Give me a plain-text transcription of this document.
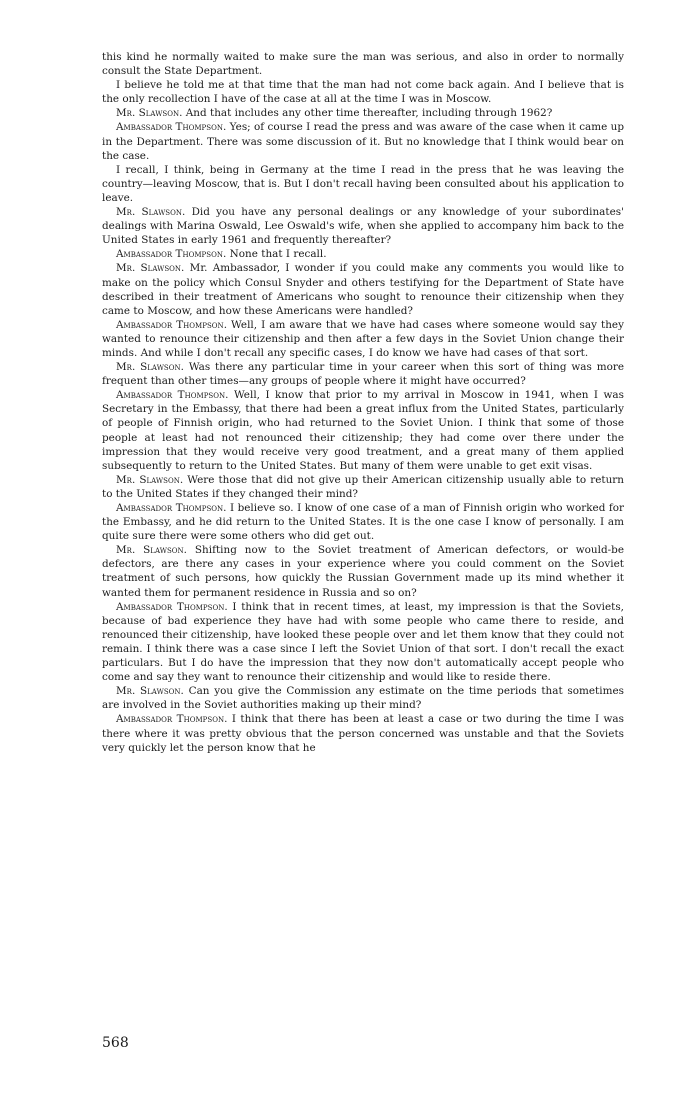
this kind he normally waited to make sure the man was serious, and also in order to normally consult the State Department.

I believe he told me at that time that the man had not come back again. And I believe that is the only recollection I have of the case at all at the time I was in Moscow.

Mr. Slawson. And that includes any other time thereafter, including through 1962?

Ambassador Thompson. Yes; of course I read the press and was aware of the case when it came up in the Department. There was some discussion of it. But no knowledge that I think would bear on the case.

I recall, I think, being in Germany at the time I read in the press that he was leaving the country—leaving Moscow, that is. But I don't recall having been consulted about his application to leave.

Mr. Slawson. Did you have any personal dealings or any knowledge of your subordinates' dealings with Marina Oswald, Lee Oswald's wife, when she applied to accompany him back to the United States in early 1961 and frequently thereafter?

Ambassador Thompson. None that I recall.

Mr. Slawson. Mr. Ambassador, I wonder if you could make any comments you would like to make on the policy which Consul Snyder and others testifying for the Department of State have described in their treatment of Americans who sought to renounce their citizenship when they came to Moscow, and how these Americans were handled?

Ambassador Thompson. Well, I am aware that we have had cases where someone would say they wanted to renounce their citizenship and then after a few days in the Soviet Union change their minds. And while I don't recall any specific cases, I do know we have had cases of that sort.

Mr. Slawson. Was there any particular time in your career when this sort of thing was more frequent than other times—any groups of people where it might have occurred?

Ambassador Thompson. Well, I know that prior to my arrival in Moscow in 1941, when I was Secretary in the Embassy, that there had been a great influx from the United States, particularly of people of Finnish origin, who had returned to the Soviet Union. I think that some of those people at least had not renounced their citizenship; they had come over there under the impression that they would receive very good treatment, and a great many of them applied subsequently to return to the United States. But many of them were unable to get exit visas.

Mr. Slawson. Were those that did not give up their American citizenship usually able to return to the United States if they changed their mind?

Ambassador Thompson. I believe so. I know of one case of a man of Finnish origin who worked for the Embassy, and he did return to the United States. It is the one case I know of personally. I am quite sure there were some others who did get out.

Mr. Slawson. Shifting now to the Soviet treatment of American defectors, or would-be defectors, are there any cases in your experience where you could comment on the Soviet treatment of such persons, how quickly the Russian Government made up its mind whether it wanted them for permanent residence in Russia and so on?

Ambassador Thompson. I think that in recent times, at least, my impression is that the Soviets, because of bad experience they have had with some people who came there to reside, and renounced their citizenship, have looked these people over and let them know that they could not remain. I think there was a case since I left the Soviet Union of that sort. I don't recall the exact particulars. But I do have the impression that they now don't automatically accept people who come and say they want to renounce their citizenship and would like to reside there.

Mr. Slawson. Can you give the Commission any estimate on the time periods that sometimes are involved in the Soviet authorities making up their mind?

Ambassador Thompson. I think that there has been at least a case or two during the time I was there where it was pretty obvious that the person concerned was unstable and that the Soviets very quickly let the person know that he

568
